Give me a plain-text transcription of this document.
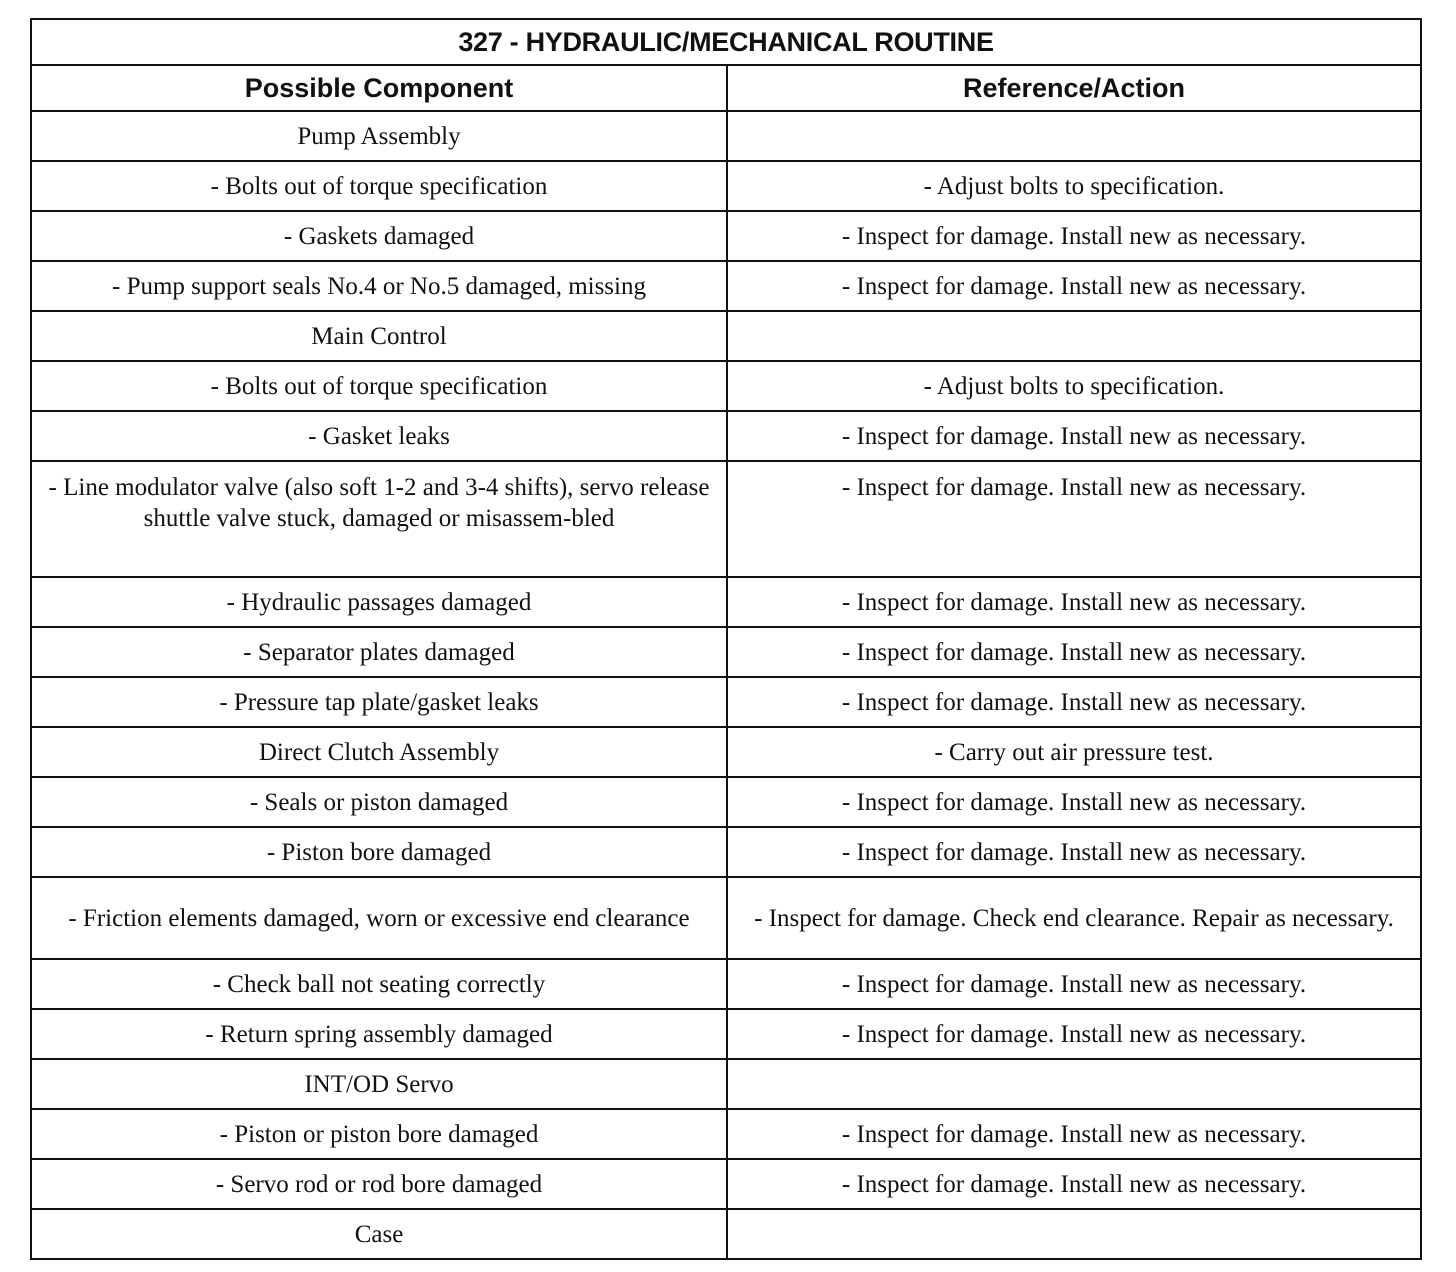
327 - HYDRAULIC/MECHANICAL ROUTINE	
Possible Component	Reference/Action
Pump Assembly	
- Bolts out of torque specification	- Adjust bolts to specification.
- Gaskets damaged	- Inspect for damage. Install new as necessary.
- Pump support seals No.4 or No.5 damaged, missing	- Inspect for damage. Install new as necessary.
Main Control	
- Bolts out of torque specification	- Adjust bolts to specification.
- Gasket leaks	- Inspect for damage. Install new as necessary.
- Line modulator valve (also soft 1-2 and 3-4 shifts), servo release shuttle valve stuck, damaged or misassem-bled	- Inspect for damage. Install new as necessary.
- Hydraulic passages damaged	- Inspect for damage. Install new as necessary.
- Separator plates damaged	- Inspect for damage. Install new as necessary.
- Pressure tap plate/gasket leaks	- Inspect for damage. Install new as necessary.
Direct Clutch Assembly	- Carry out air pressure test.
- Seals or piston damaged	- Inspect for damage. Install new as necessary.
- Piston bore damaged	- Inspect for damage. Install new as necessary.
- Friction elements damaged, worn or excessive end clearance	- Inspect for damage. Check end clearance. Repair as necessary.
- Check ball not seating correctly	- Inspect for damage. Install new as necessary.
- Return spring assembly damaged	- Inspect for damage. Install new as necessary.
INT/OD Servo	
- Piston or piston bore damaged	- Inspect for damage. Install new as necessary.
- Servo rod or rod bore damaged	- Inspect for damage. Install new as necessary.
Case	
